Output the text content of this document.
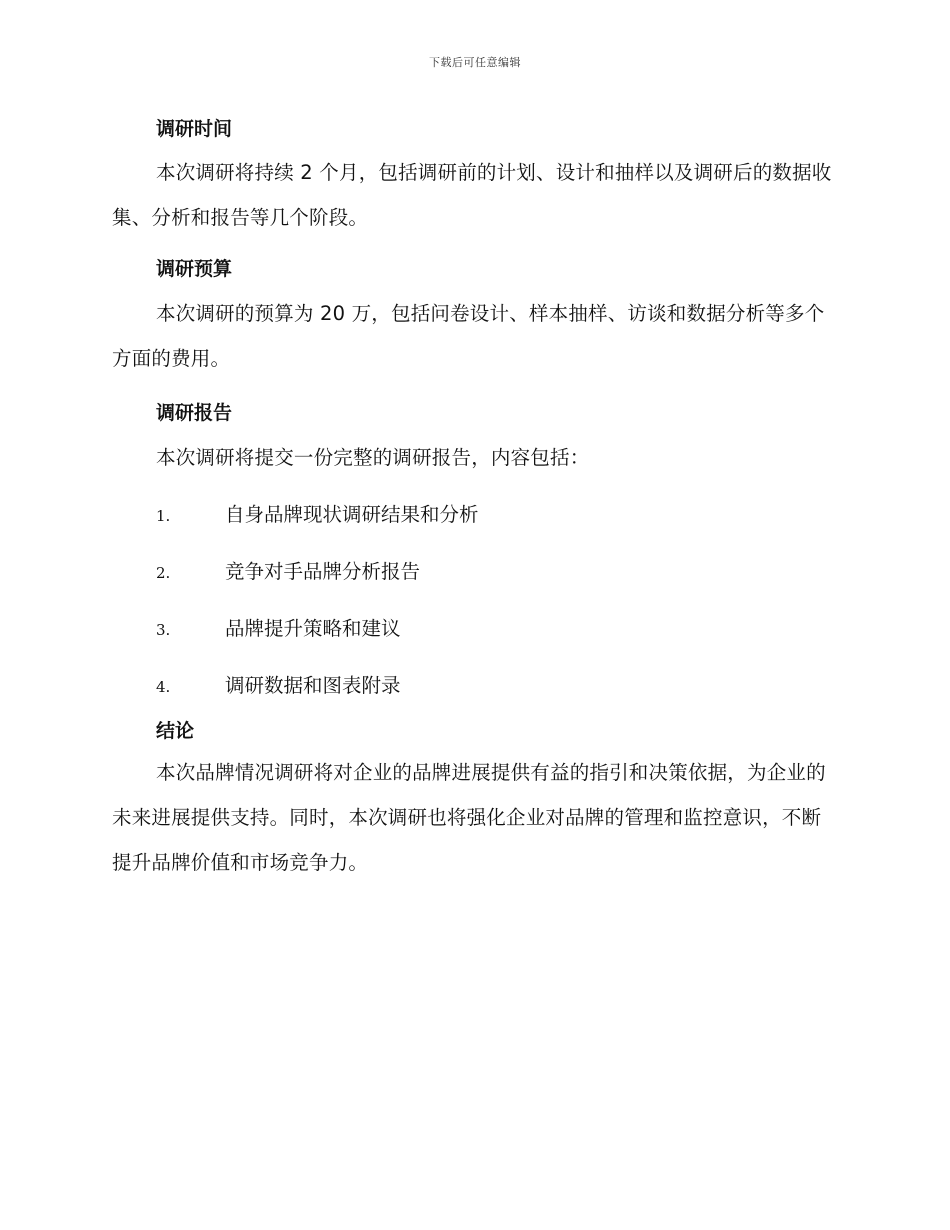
下载后可任意编辑
调研时间

本次调研将持续 2 个月，包括调研前的计划、设计和抽样以及调研后的数据收集、分析和报告等几个阶段。

调研预算

本次调研的预算为 20 万，包括问卷设计、样本抽样、访谈和数据分析等多个方面的费用。

调研报告

本次调研将提交一份完整的调研报告，内容包括：

1.	自身品牌现状调研结果和分析
2.	竞争对手品牌分析报告
3.	品牌提升策略和建议
4.	调研数据和图表附录
结论

本次品牌情况调研将对企业的品牌进展提供有益的指引和决策依据，为企业的未来进展提供支持。同时，本次调研也将强化企业对品牌的管理和监控意识，不断提升品牌价值和市场竞争力。
